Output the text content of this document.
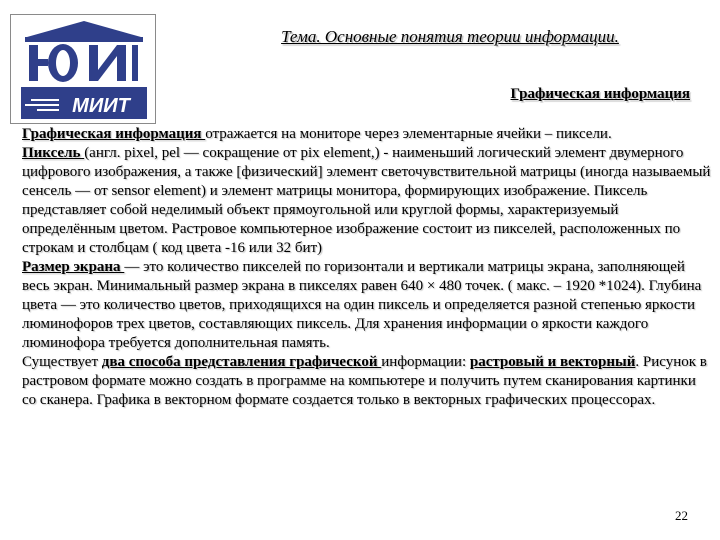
МИИТ
Тема. Основные понятия теории информации.
Графическая информация

Графическая информация отражается на мониторе через элементарные ячейки – пиксели.

Пиксель (англ. pixel, pel — сокращение от pix element,) - наименьший логический элемент двумерного цифрового изображения, а также [физический] элемент светочувствительной матрицы (иногда называемый сенсель — от sensor element) и элемент матрицы монитора, формирующих изображение. Пиксель представляет собой неделимый объект прямоугольной или круглой формы, характеризуемый определённым цветом. Растровое компьютерное изображение состоит из пикселей, расположенных по строкам и столбцам ( код цвета -16 или 32 бит)

Размер экрана — это количество пикселей по горизонтали и вертикали матрицы экрана, заполняющей весь экран. Минимальный размер экрана в пикселях равен 640 × 480 точек. ( макс. – 1920 *1024). Глубина цвета — это количество цветов, приходящихся на один пиксель и определяется разной степенью яркости люминофоров трех цветов, составляющих пиксель. Для хранения информации о яркости каждого люминофора требуется дополнительная память.

Существует два способа представления графической информации: растровый и векторный. Рисунок в растровом формате можно создать в программе на компьютере и получить путем сканирования картинки со сканера. Графика в векторном формате создается только в векторных графических процессорах.

22
